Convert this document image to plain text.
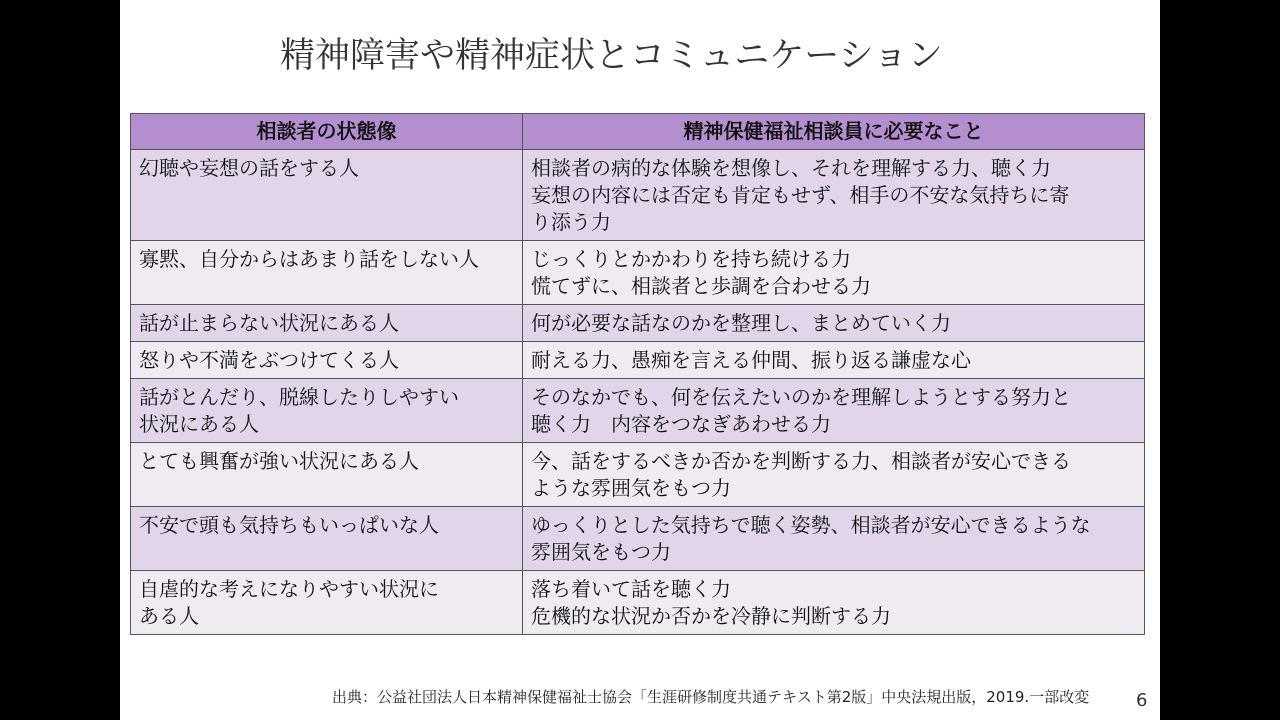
精神障害や精神症状とコミュニケーション
相談者の状態像	精神保健福祉相談員に必要なこと

幻聴や妄想の話をする人	相談者の病的な体験を想像し、それを理解する力、聴く力
妄想の内容には否定も肯定もせず、相手の不安な気持ちに寄
り添う力

寡黙、自分からはあまり話をしない人	じっくりとかかわりを持ち続ける力
慌てずに、相談者と歩調を合わせる力

話が止まらない状況にある人	何が必要な話なのかを整理し、まとめていく力

怒りや不満をぶつけてくる人	耐える力、愚痴を言える仲間、振り返る謙虚な心

話がとんだり、脱線したりしやすい
状況にある人	そのなかでも、何を伝えたいのかを理解しようとする努力と
聴く力　内容をつなぎあわせる力

とても興奮が強い状況にある人	今、話をするべきか否かを判断する力、相談者が安心できる
ような雰囲気をもつ力

不安で頭も気持ちもいっぱいな人	ゆっくりとした気持ちで聴く姿勢、相談者が安心できるような
雰囲気をもつ力

自虐的な考えになりやすい状況に
ある人	落ち着いて話を聴く力
危機的な状況か否かを冷静に判断する力
出典：公益社団法人日本精神保健福祉士協会「生涯研修制度共通テキスト第2版」中央法規出版，2019.一部改変	6
